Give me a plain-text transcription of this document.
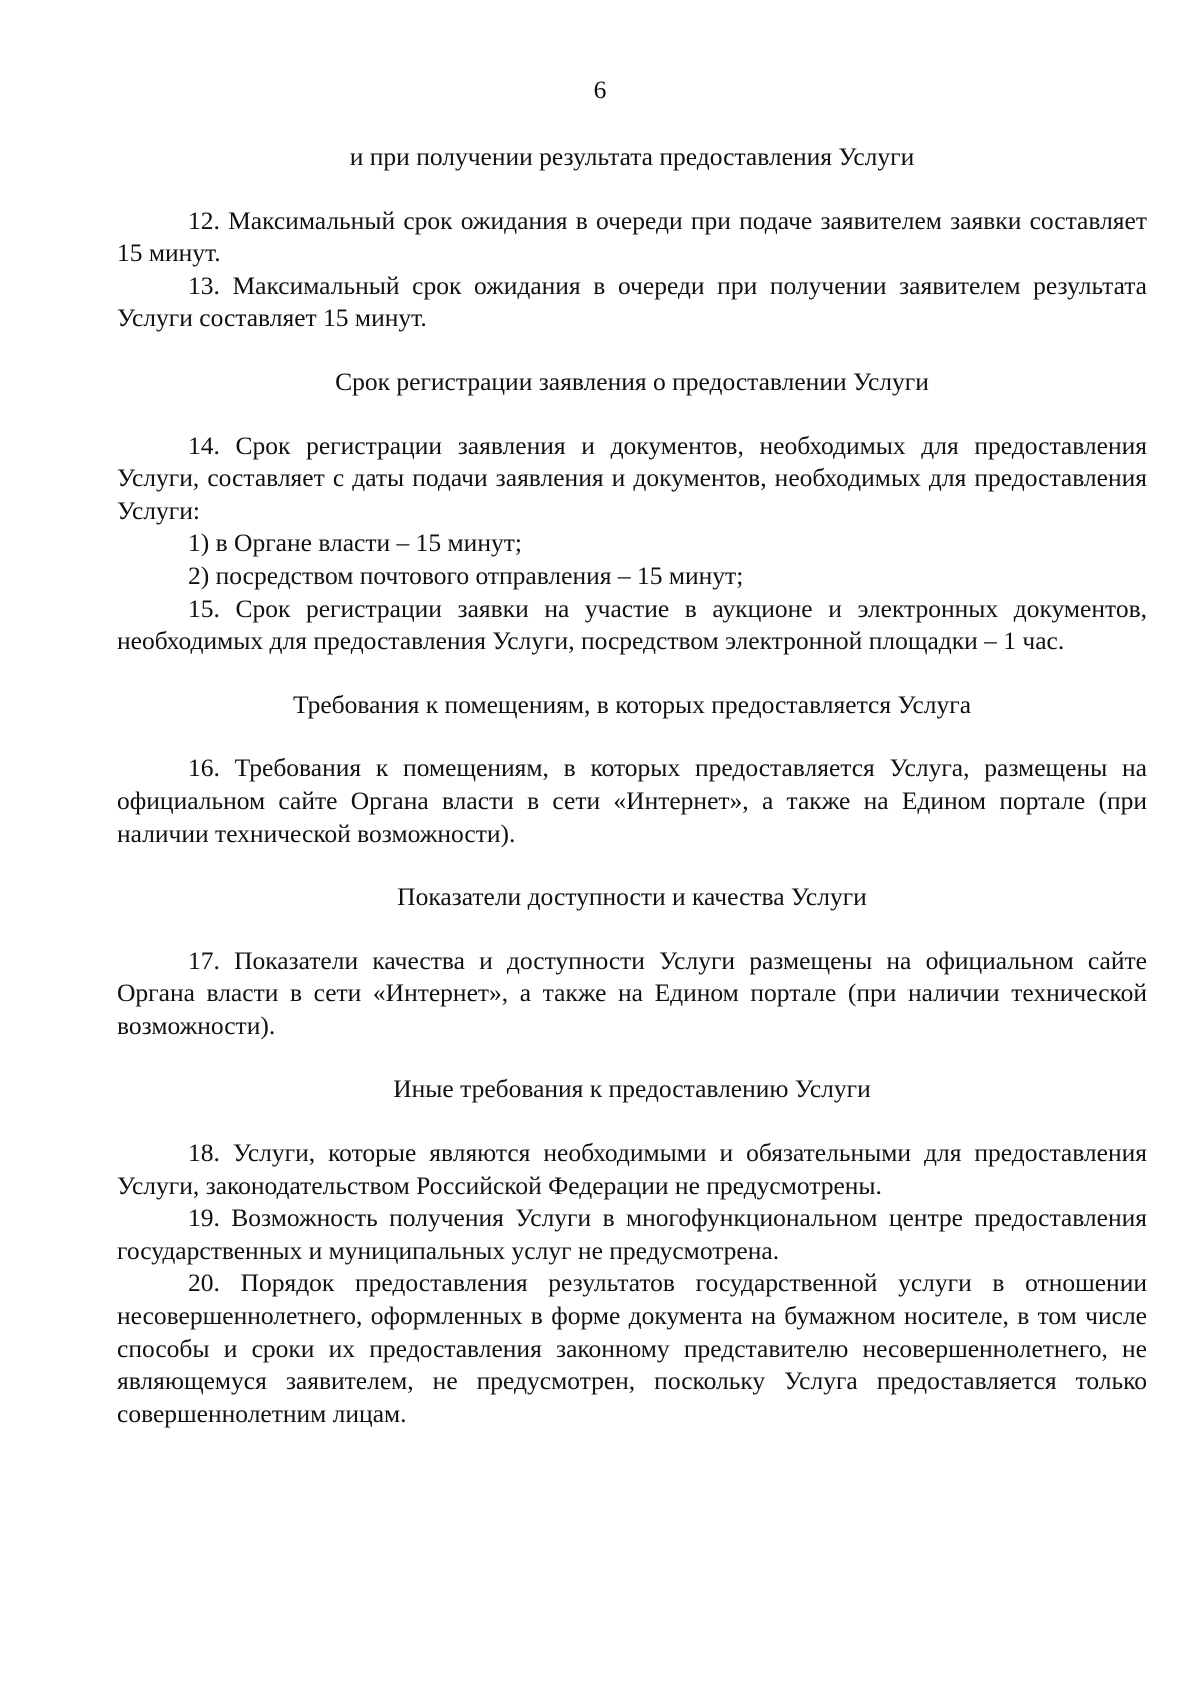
6

и при получении результата предоставления Услуги

12. Максимальный срок ожидания в очереди при подаче заявителем заявки составляет 15 минут.

13. Максимальный срок ожидания в очереди при получении заявителем результата Услуги составляет 15 минут.

Срок регистрации заявления о предоставлении Услуги

14. Срок регистрации заявления и документов, необходимых для предоставления Услуги, составляет с даты подачи заявления и документов, необходимых для предоставления Услуги:

1) в Органе власти – 15 минут;

2) посредством почтового отправления – 15 минут;

15. Срок регистрации заявки на участие в аукционе и электронных документов, необходимых для предоставления Услуги, посредством электронной площадки – 1 час.

Требования к помещениям, в которых предоставляется Услуга

16. Требования к помещениям, в которых предоставляется Услуга, размещены на официальном сайте Органа власти в сети «Интернет», а также на Едином портале (при наличии технической возможности).

Показатели доступности и качества Услуги

17. Показатели качества и доступности Услуги размещены на официальном сайте Органа власти в сети «Интернет», а также на Едином портале (при наличии технической возможности).

Иные требования к предоставлению Услуги

18. Услуги, которые являются необходимыми и обязательными для предоставления Услуги, законодательством Российской Федерации не предусмотрены.

19. Возможность получения Услуги в многофункциональном центре предоставления государственных и муниципальных услуг не предусмотрена.

20. Порядок предоставления результатов государственной услуги в отношении несовершеннолетнего, оформленных в форме документа на бумажном носителе, в том числе способы и сроки их предоставления законному представителю несовершеннолетнего, не являющемуся заявителем, не предусмотрен, поскольку Услуга предоставляется только совершеннолетним лицам.
